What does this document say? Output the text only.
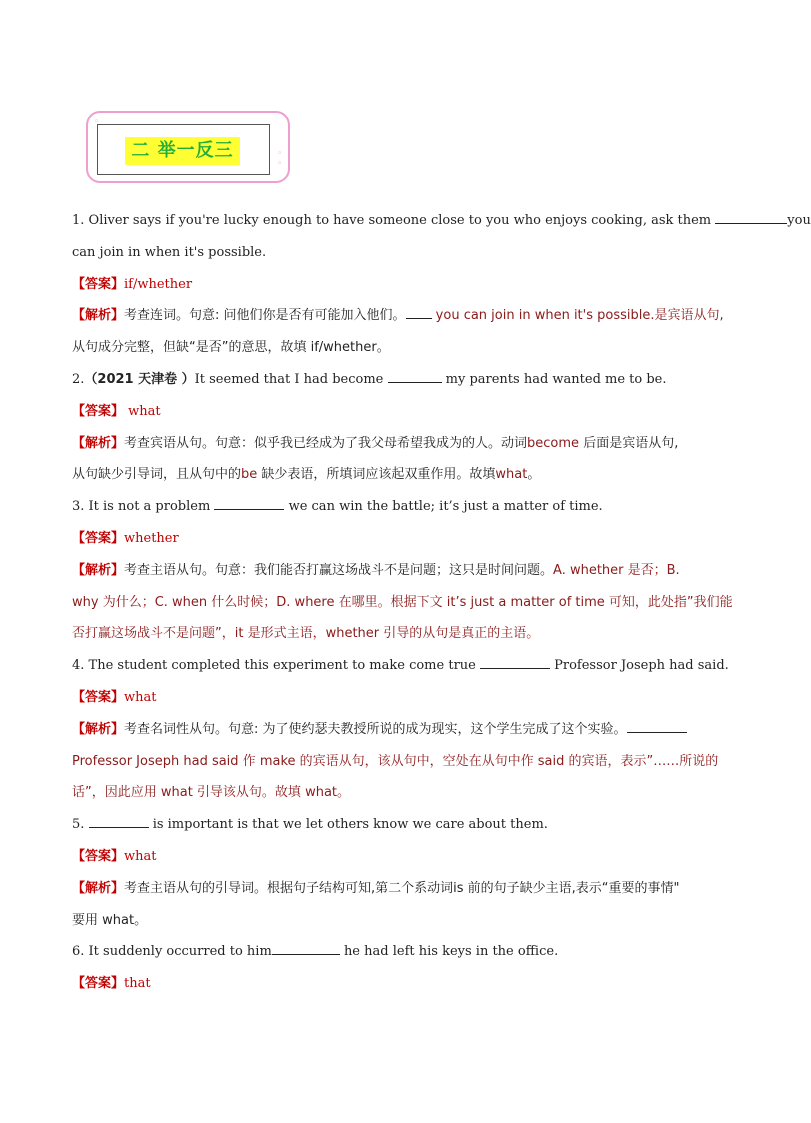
◦
◦
◦
二 举一反三
1. Oliver says if you're lucky enough to have someone close to you who enjoys cooking, ask them	you
can join in when it's possible.
【答案】if/whether
【解析】考查连词。句意: 问他们你是否有可能加入他们。 you can join in when it's possible.是宾语从句,
从句成分完整，但缺“是否”的意思，故填 if/whether。
2.（2021 天津卷 ）It seemed that I had become	my parents had wanted me to be.
【答案】 what
【解析】考查宾语从句。句意：似乎我已经成为了我父母希望我成为的人。动词become 后面是宾语从句,
从句缺少引导词，且从句中的be 缺少表语，所填词应该起双重作用。故填what。
3. It is not a problem	we can win the battle; it’s just a matter of time.
【答案】whether
【解析】考查主语从句。句意：我们能否打赢这场战斗不是问题；这只是时间问题。A. whether 是否；B.
why 为什么；C. when 什么时候；D. where 在哪里。根据下文 it’s just a matter of time 可知，此处指”我们能
否打赢这场战斗不是问题”，it 是形式主语，whether 引导的从句是真正的主语。
4. The student completed this experiment to make come true	Professor Joseph had said.
【答案】what
【解析】考查名词性从句。句意: 为了使约瑟夫教授所说的成为现实，这个学生完成了这个实验。
Professor Joseph had said 作 make 的宾语从句，该从句中，空处在从句中作 said 的宾语，表示”……所说的
话”，因此应用 what 引导该从句。故填 what。
5.	is important is that we let others know we care about them.
【答案】what
【解析】考查主语从句的引导词。根据句子结构可知,第二个系动词is 前的句子缺少主语,表示“重要的事情"
要用 what。
6. It suddenly occurred to him	he had left his keys in the office.
【答案】that
